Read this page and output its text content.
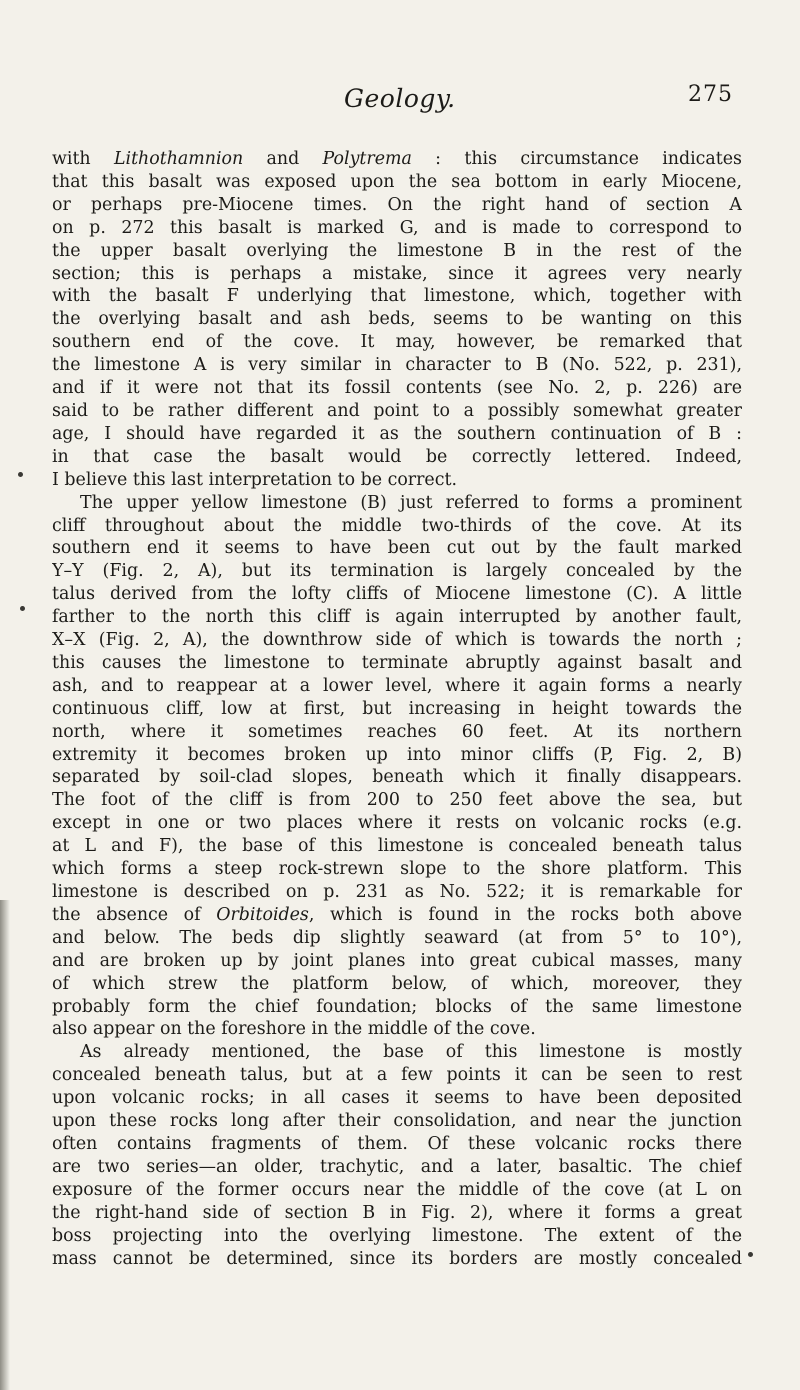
Geology.	275
with Lithothamnion and Polytrema : this circumstance indicates
that this basalt was exposed upon the sea bottom in early Miocene,
or perhaps pre-Miocene times. On the right hand of section A
on p. 272 this basalt is marked G, and is made to correspond to
the upper basalt overlying the limestone B in the rest of the
section; this is perhaps a mistake, since it agrees very nearly
with the basalt F underlying that limestone, which, together with
the overlying basalt and ash beds, seems to be wanting on this
southern end of the cove. It may, however, be remarked that
the limestone A is very similar in character to B (No. 522, p. 231),
and if it were not that its fossil contents (see No. 2, p. 226) are
said to be rather different and point to a possibly somewhat greater
age, I should have regarded it as the southern continuation of B :
in that case the basalt would be correctly lettered. Indeed,
I believe this last interpretation to be correct.
The upper yellow limestone (B) just referred to forms a prominent
cliff throughout about the middle two-thirds of the cove. At its
southern end it seems to have been cut out by the fault marked
Y–Y (Fig. 2, A), but its termination is largely concealed by the
talus derived from the lofty cliffs of Miocene limestone (C). A little
farther to the north this cliff is again interrupted by another fault,
X–X (Fig. 2, A), the downthrow side of which is towards the north ;
this causes the limestone to terminate abruptly against basalt and
ash, and to reappear at a lower level, where it again forms a nearly
continuous cliff, low at first, but increasing in height towards the
north, where it sometimes reaches 60 feet. At its northern
extremity it becomes broken up into minor cliffs (P, Fig. 2, B)
separated by soil-clad slopes, beneath which it finally disappears.
The foot of the cliff is from 200 to 250 feet above the sea, but
except in one or two places where it rests on volcanic rocks (e.g.
at L and F), the base of this limestone is concealed beneath talus
which forms a steep rock-strewn slope to the shore platform. This
limestone is described on p. 231 as No. 522; it is remarkable for
the absence of Orbitoides, which is found in the rocks both above
and below. The beds dip slightly seaward (at from 5° to 10°),
and are broken up by joint planes into great cubical masses, many
of which strew the platform below, of which, moreover, they
probably form the chief foundation; blocks of the same limestone
also appear on the foreshore in the middle of the cove.
As already mentioned, the base of this limestone is mostly
concealed beneath talus, but at a few points it can be seen to rest
upon volcanic rocks; in all cases it seems to have been deposited
upon these rocks long after their consolidation, and near the junction
often contains fragments of them. Of these volcanic rocks there
are two series—an older, trachytic, and a later, basaltic. The chief
exposure of the former occurs near the middle of the cove (at L on
the right-hand side of section B in Fig. 2), where it forms a great
boss projecting into the overlying limestone. The extent of the
mass cannot be determined, since its borders are mostly concealed
